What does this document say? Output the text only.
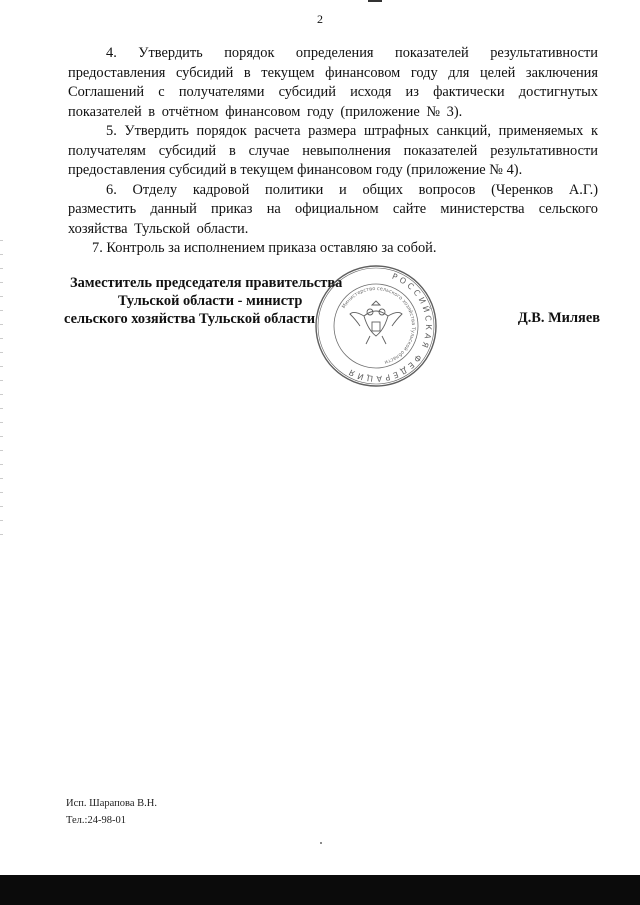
2

4. Утвердить порядок определения показателей результативности предоставления субсидий в текущем финансовом году для целей заключения Соглашений с получателями субсидий исходя из фактически достигнутых показателей в отчётном финансовом году (приложение № 3).

5. Утвердить порядок расчета размера штрафных санкций, применяемых к получателям субсидий в случае невыполнения показателей результативности предоставления субсидий в текущем финансовом году (приложение № 4).

6. Отделу кадровой политики и общих вопросов (Черенков А.Г.) разместить данный приказ на официальном сайте министерства сельского хозяйства Тульской области.

7. Контроль за исполнением приказа оставляю за собой.

Заместитель председателя правительства
Тульской области - министр
сельского хозяйства Тульской области	Д.В. Миляев
РОССИЙСКАЯ ФЕДЕРАЦИЯ
Министерство сельского хозяйства Тульской области
Исп. Шарапова В.Н.
Тел.:24-98-01
